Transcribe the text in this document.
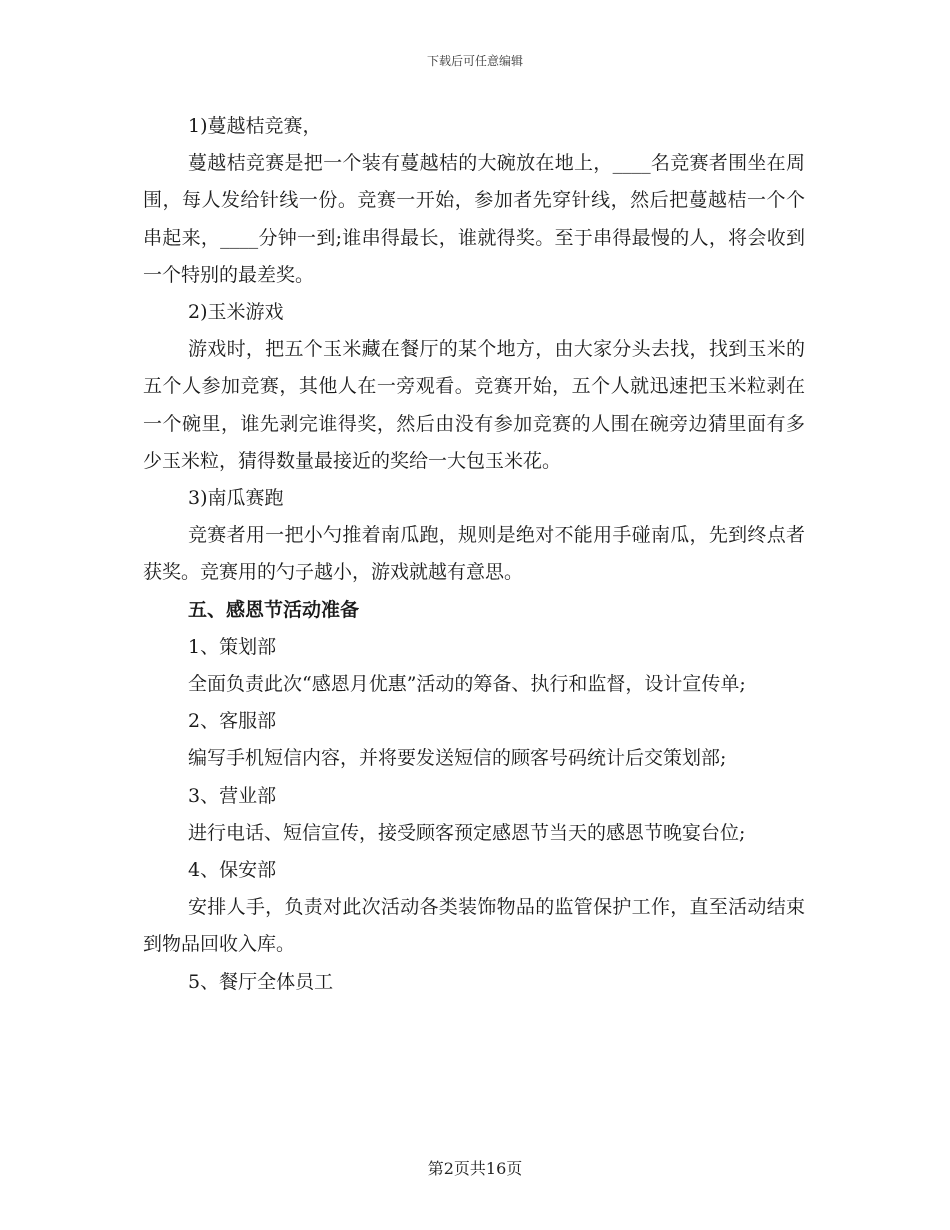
下载后可任意编辑

1)蔓越桔竞赛，

蔓越桔竞赛是把一个装有蔓越桔的大碗放在地上，____名竞赛者围坐在周围，每人发给针线一份。竞赛一开始，参加者先穿针线，然后把蔓越桔一个个串起来，____分钟一到;谁串得最长，谁就得奖。至于串得最慢的人，将会收到一个特别的最差奖。

2)玉米游戏

游戏时，把五个玉米藏在餐厅的某个地方，由大家分头去找，找到玉米的五个人参加竞赛，其他人在一旁观看。竞赛开始，五个人就迅速把玉米粒剥在一个碗里，谁先剥完谁得奖，然后由没有参加竞赛的人围在碗旁边猜里面有多少玉米粒，猜得数量最接近的奖给一大包玉米花。

3)南瓜赛跑

竞赛者用一把小勺推着南瓜跑，规则是绝对不能用手碰南瓜，先到终点者获奖。竞赛用的勺子越小，游戏就越有意思。

五、感恩节活动准备

1、策划部

全面负责此次“感恩月优惠”活动的筹备、执行和监督，设计宣传单;

2、客服部

编写手机短信内容，并将要发送短信的顾客号码统计后交策划部;

3、营业部

进行电话、短信宣传，接受顾客预定感恩节当天的感恩节晚宴台位;

4、保安部

安排人手，负责对此次活动各类装饰物品的监管保护工作，直至活动结束到物品回收入库。

5、餐厅全体员工

第2页共16页
